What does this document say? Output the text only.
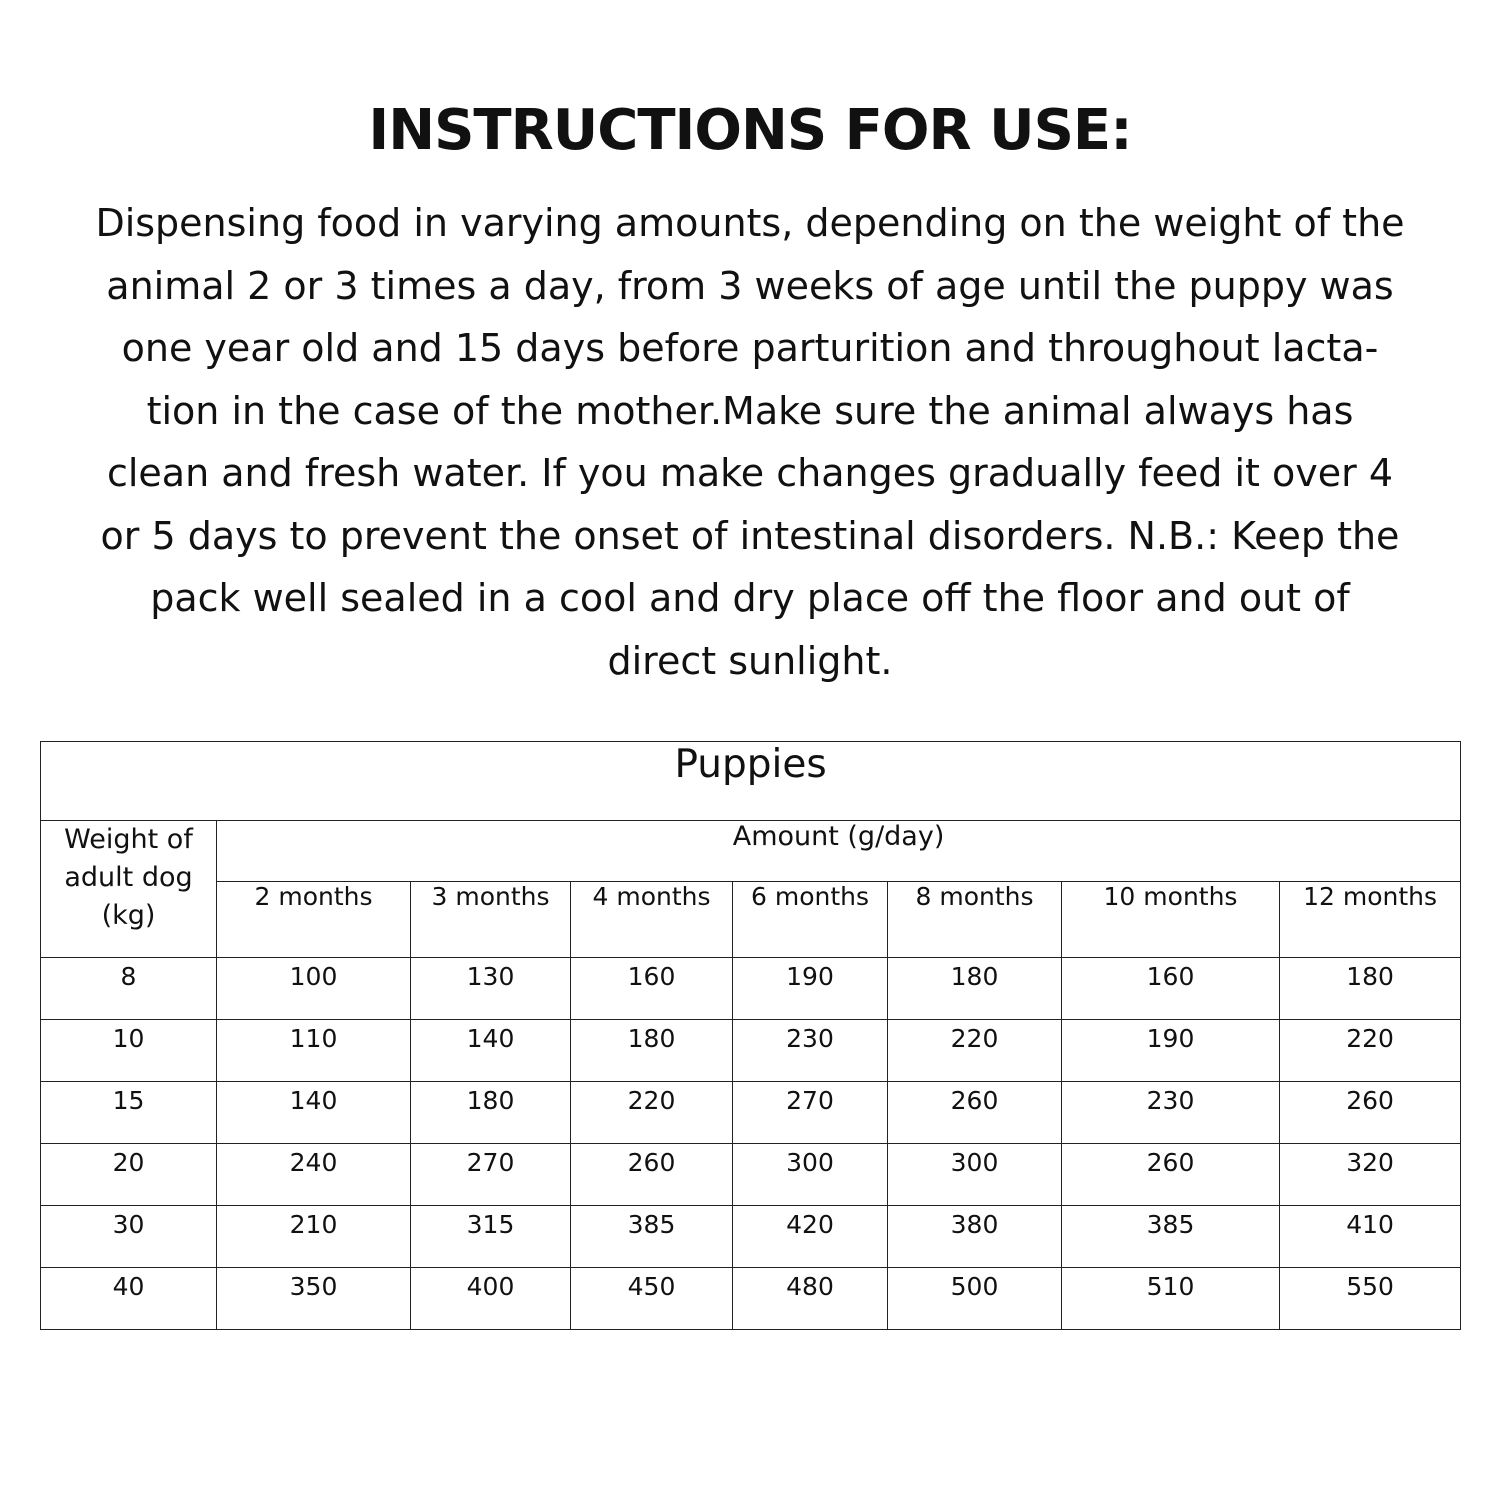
INSTRUCTIONS FOR USE:

Dispensing food in varying amounts, depending on the weight of the
animal 2 or 3 times a day, from 3 weeks of age until the puppy was
one year old and 15 days before parturition and throughout lacta-
tion in the case of the mother.Make sure the animal always has
clean and fresh water. If you make changes gradually feed it over 4
or 5 days to prevent the onset of intestinal disorders. N.B.: Keep the
pack well sealed in a cool and dry place off the floor and out of
direct sunlight.

Puppies							
Weight of
adult dog
(kg)	Amount (g/day)						
	2 months	3 months	4 months	6 months	8 months	10 months	12 months
8	100	130	160	190	180	160	180
10	110	140	180	230	220	190	220
15	140	180	220	270	260	230	260
20	240	270	260	300	300	260	320
30	210	315	385	420	380	385	410
40	350	400	450	480	500	510	550
